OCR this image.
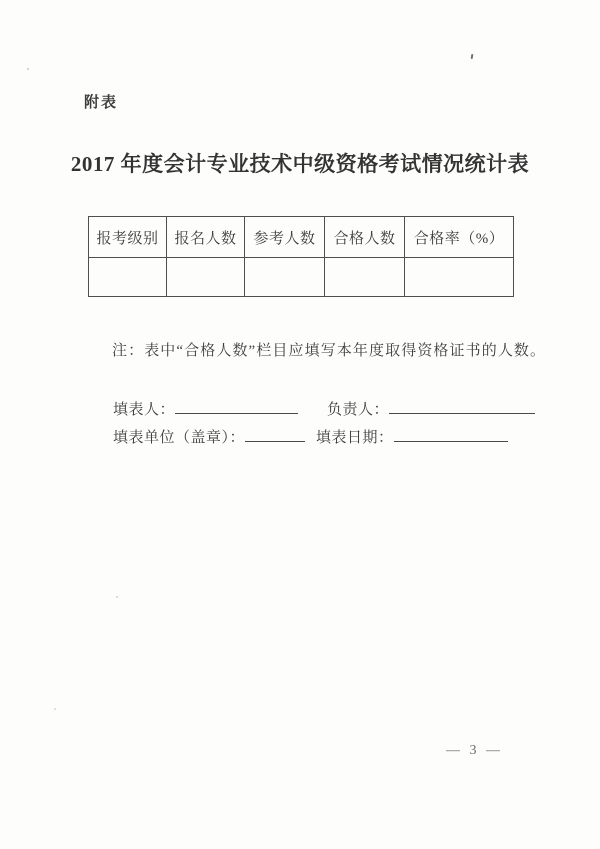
附表
2017 年度会计专业技术中级资格考试情况统计表
报考级别	报名人数	参考人数	合格人数	合格率（%）

注：表中“合格人数”栏目应填写本年度取得资格证书的人数。
填表人：	负责人：
填表单位（盖章）：	填表日期：
— 3 —
